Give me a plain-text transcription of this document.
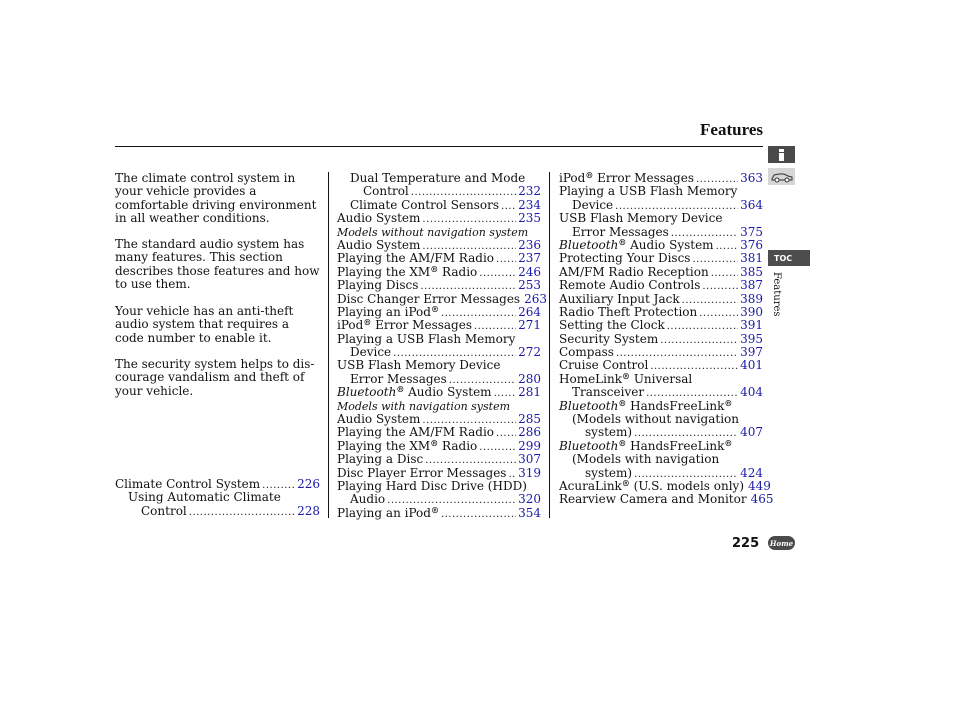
Features
The climate control system in your vehicle provides a comfortable driving environment in all weather conditions.
The standard audio system has many features. This section describes those features and how to use them.
Your vehicle has an anti-theft audio system that requires a code number to enable it.
The security system helps to dis-courage vandalism and theft of your vehicle.
Climate Control System .....	226
Using Automatic Climate
Control .....	228
Dual Temperature and Mode
Control .....	232
Climate Control Sensors ..... 234
Audio System .....	235
Models without navigation system
Audio System .....	236
Playing the AM/FM Radio ..... 237
Playing the XM® Radio .....	246
Playing Discs .....	253
Disc Changer Error Messages 263
Playing an iPod® .....	264
iPod® Error Messages .....	271
Playing a USB Flash Memory
Device .....	272
USB Flash Memory Device
Error Messages .....	280
Bluetooth® Audio System ..... 281
Models with navigation system
Audio System .....	285
Playing the AM/FM Radio ..... 286
Playing the XM® Radio .....	299
Playing a Disc .....	307
Disc Player Error Messages ..... 319
Playing Hard Disc Drive (HDD)
Audio .....	320
Playing an iPod® .....	354
iPod® Error Messages .....	363
Playing a USB Flash Memory
Device .....	364
USB Flash Memory Device
Error Messages .....	375
Bluetooth® Audio System ..... 376
Protecting Your Discs .....	381
AM/FM Radio Reception .....	385
Remote Audio Controls .....	387
Auxiliary Input Jack .....	389
Radio Theft Protection .....	390
Setting the Clock .....	391
Security System .....	395
Compass .....	397
Cruise Control .....	401
HomeLink® Universal
Transceiver .....	404
Bluetooth® HandsFreeLink®
(Models without navigation
system) .....	407
Bluetooth® HandsFreeLink®
(Models with navigation
system) .....	424
AcuraLink® (U.S. models only) 449
Rearview Camera and Monitor 465
TOC
Features
225 Home
